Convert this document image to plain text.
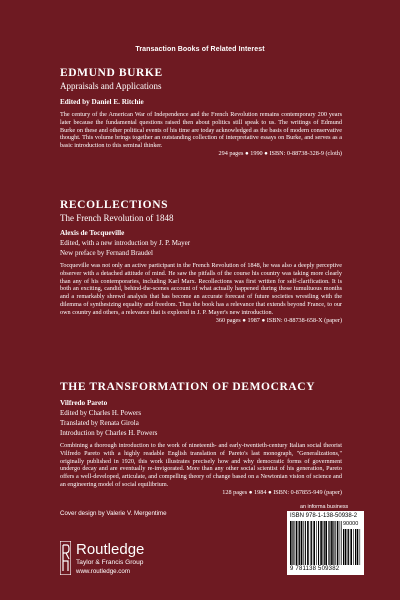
Transaction Books of Related Interest
EDMUND BURKE
Appraisals and Applications
Edited by Daniel E. Ritchie
The century of the American War of Independence and the French Revolution remains contemporary 200 years later because the fundamental questions raised then about politics still speak to us. The writings of Edmund Burke on these and other political events of his time are today acknowledged as the basis of modern conservative thought. This volume brings together an outstanding collection of interpretative essays on Burke, and serves as a basic introduction to this seminal thinker.
294 pages ● 1990 ● ISBN: 0-88738-328-9 (cloth)
RECOLLECTIONS
The French Revolution of 1848
Alexis de Tocqueville
Edited, with a new introduction by J. P. Mayer
New preface by Fernand Braudel
Tocqueville was not only an active participant in the French Revolution of 1848, he was also a deeply perceptive observer with a detached attitude of mind. He saw the pitfalls of the course his country was taking more clearly than any of his contemporaries, including Karl Marx. Recollections was first written for self-clarification. It is both an exciting, candid, behind-the-scenes account of what actually happened during those tumultuous months and a remarkably shrewd analysis that has become an accurate forecast of future societies wrestling with the dilemma of synthesizing equality and freedom. Thus the book has a relevance that extends beyond France, to our own country and others, a relevance that is explored in J. P. Mayer's new introduction.
360 pages ● 1987 ● ISBN: 0-88738-658-X (paper)
THE TRANSFORMATION OF DEMOCRACY
Vilfredo Pareto
Edited by Charles H. Powers
Translated by Renata Girola
Introduction by Charles H. Powers
Combining a thorough introduction to the work of nineteenth- and early-twentieth-century Italian social theorist Vilfredo Pareto with a highly readable English translation of Pareto's last monograph, "Generalizations," originally published in 1920, this work illustrates precisely how and why democratic forms of government undergo decay and are eventually re-invigorated. More than any other social scientist of his generation, Pareto offers a well-developed, articulate, and compelling theory of change based on a Newtonian vision of science and an engineering model of social equilibrium.
128 pages ● 1984 ● ISBN: 0-87855-949 (paper)
Cover design by Valerie V. Mergentime
Routledge
Taylor & Francis Group
www.routledge.com
an informa business
ISBN 978-1-138-50938-2
90000
9 781138 509382
